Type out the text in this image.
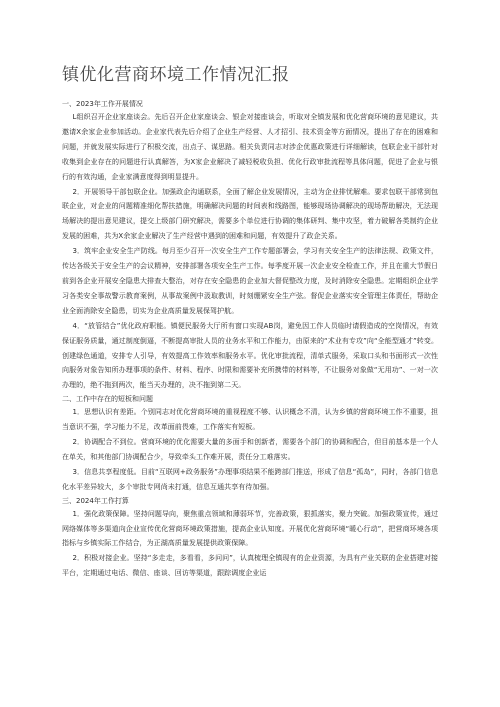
镇优化营商环境工作情况汇报

一、2023年工作开展情况

L组织召开企业家座谈会。先后召开企业家座谈会、银企对接座谈会，听取对全镇发展和优化营商环境的意见建议，共邀请X余家企业参加活动。企业家代表先后介绍了企业生产经营、人才招引、技术资金等方面情况，提出了存在的困难和问题，并就发展实际进行了积极交流，出点子、谋思路。相关负责同志对涉企优惠政策进行详细解读，包联企业干部针对收集到企业存在的问题进行认真解答，为X家企业解决了减轻税收负担、优化行政审批流程等具体问题，促进了企业与银行的有效沟通，企业家满意度得到明显提升。

2．开展领导干部包联企业。加强政企沟通联系，全面了解企业发展情况，主动为企业排忧解难。要求包联干部常到包联企业，对企业的问题精准细化帮扶措施，明确解决问题的时间表和线路图，能够现场协调解决的现场帮助解决，无法现场解决的提出意见建议，提交上级部门研究解决，需要多个单位进行协调的集体研判、集中攻坚，着力破解各类制约企业发展的困难，共为X余家企业解决了生产经营中遇到的困难和问题，有效提升了政企关系。

3．筑牢企业安全生产防线。每月至少召开一次安全生产工作专题部署会，学习有关安全生产的法律法规、政策文件，传达各级关于安全生产的会议精神，安排部署各项安全生产工作。每季度开展一次企业安全检查工作，并且在重大节假日前到各企业开展安全隐患大排查大整治，对存在安全隐患的企业加大督促整改力度，及时消除安全隐患。定期组织企业学习各类安全事故警示教育案例，从事故案例中汲取教训，时刻绷紧安全生产弦。督促企业落实安全管理主体责任，帮助企业全面消除安全隐患，切实为企业高质量发展保驾护航。

4．“放管结合”优化政府职能。镇便民服务大厅所有窗口实现AB岗，避免因工作人员临时请假造成的空岗情况，有效保证服务质量，通过制度倒逼，不断提高审批人员的业务水平和工作能力，由原来的“术业有专攻”向“全能型通才”转变。创建绿色通道，安排专人引导，有效提高工作效率和服务水平。优化审批流程，清单式服务，采取口头和书面形式一次性向服务对象告知所办理事项的条件、材料、程序、时限和需要补充所携带的材料等，不让服务对象做“无用功”、一对一次办理的，绝不拖到两次，能当天办理的，决不拖到第二天。

二、工作中存在的短板和问题

1．思想认识有差距。个别同志对优化营商环境的重视程度不够、认识概念不清，认为乡镇的营商环境工作不重要，担当意识不强，学习能力不足，改革面前畏难，工作落实有短板。

2．协调配合不到位。营商环境的优化需要大量的多面手和创新者，需要各个部门的协调和配合，但目前基本是一个人在单关，和其他部门协调配合少，导致牵头工作难开展，责任分工难落实。

3．信息共享程度低。目前“互联网+政务服务”办理事项结果不能跨部门推送，形成了信息“孤岛”，同时，各部门信息化水平差异较大，多个审批专网尚未打通，信息互通共享有待加强。

三、2024年工作打算

1．强化政策保障。坚持问题导向，聚焦重点领域和薄弱环节，完善政策，狠抓落实，聚力突破。加强政策宣传，通过网络媒体等多渠道向企业宣传优化营商环境政策措施，提高企业认知度。开展优化营商环境“暖心行动”，把营商环境各项指标与乡镇实际工作结合，为正湖高质量发展提供政策保障。

2．积极对接企业。坚持“多走走，多看看，多问问”，认真梳理全镇现有的企业资源，为具有产业关联的企业搭建对接平台，定期通过电话、微信、座谈、回访等渠道，跟踪调度企业运
